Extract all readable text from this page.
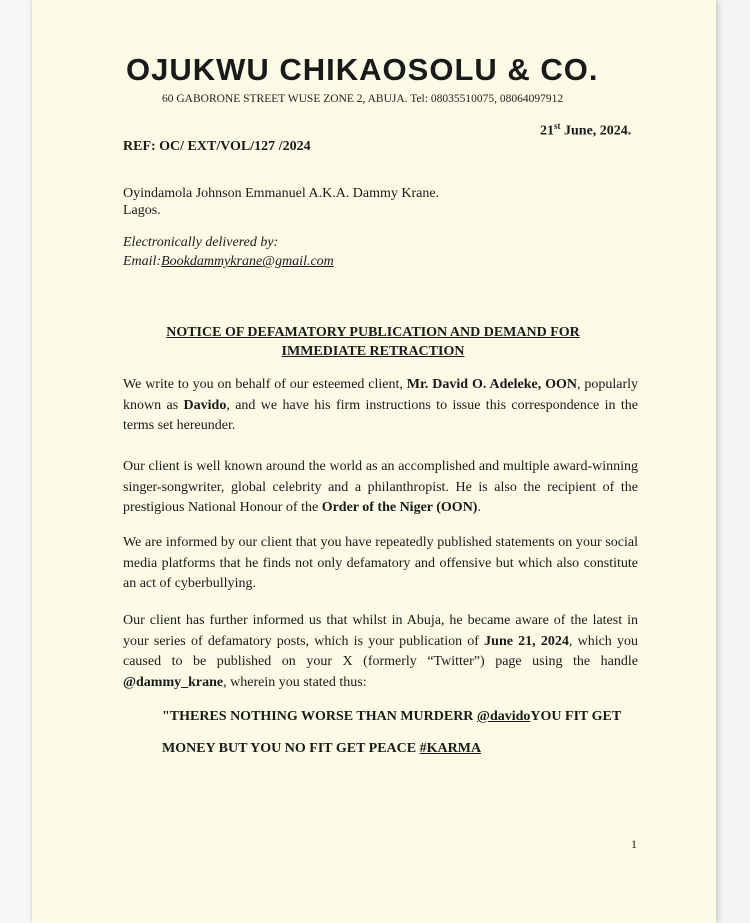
OJUKWU CHIKAOSOLU & CO.
60 GABORONE STREET WUSE ZONE 2, ABUJA. Tel: 08035510075, 08064097912
21st June, 2024.
REF: OC/ EXT/VOL/127 /2024
Oyindamola Johnson Emmanuel A.K.A. Dammy Krane.
Lagos.
Electronically delivered by:
Email:Bookdammykrane@gmail.com
NOTICE OF DEFAMATORY PUBLICATION AND DEMAND FOR
IMMEDIATE RETRACTION

We write to you on behalf of our esteemed client, Mr. David O. Adeleke, OON, popularly known as Davido, and we have his firm instructions to issue this correspondence in the terms set hereunder.

Our client is well known around the world as an accomplished and multiple award-winning singer-songwriter, global celebrity and a philanthropist. He is also the recipient of the prestigious National Honour of the Order of the Niger (OON).

We are informed by our client that you have repeatedly published statements on your social media platforms that he finds not only defamatory and offensive but which also constitute an act of cyberbullying.

Our client has further informed us that whilst in Abuja, he became aware of the latest in your series of defamatory posts, which is your publication of June 21, 2024, which you caused to be published on your X (formerly “Twitter”) page using the handle @dammy_krane, wherein you stated thus:

"THERES NOTHING WORSE THAN MURDERR @davidoYOU FIT GET
MONEY BUT YOU NO FIT GET PEACE #KARMA
1
